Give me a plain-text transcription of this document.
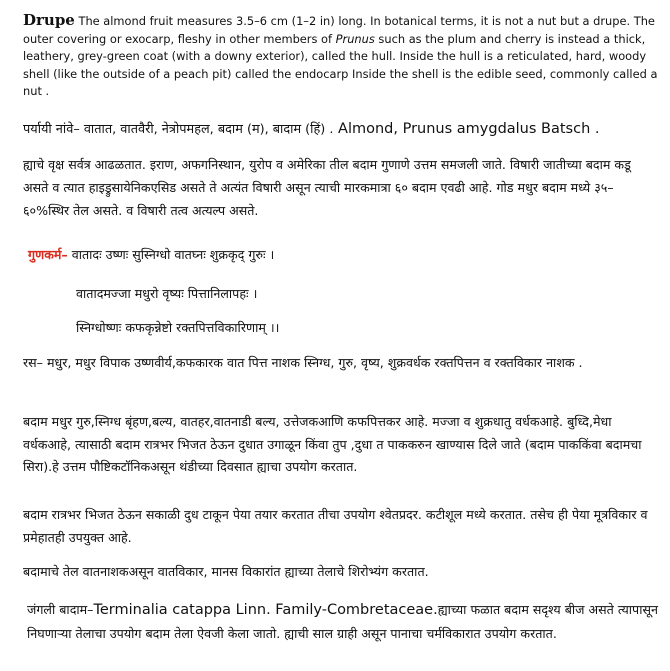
Drupe The almond fruit measures 3.5–6 cm (1–2 in) long. In botanical terms, it is not a nut but a drupe. The outer covering or exocarp, fleshy in other members of Prunus such as the plum and cherry is instead a thick, leathery, grey-green coat (with a downy exterior), called the hull. Inside the hull is a reticulated, hard, woody shell (like the outside of a peach pit) called the endocarp Inside the shell is the edible seed, commonly called a nut .
पर्यायी नांवे– वातात, वातवैरी, नेत्रोपमहल, बदाम (म), बादाम (हिं) . Almond, Prunus amygdalus Batsch .
ह्याचे वृक्ष सर्वत्र आढळतात. इराण, अफगनिस्थान, युरोप व अमेरिका तील बदाम गुणाणे उत्तम समजली जाते. विषारी जातीच्या बदाम कडू असते व त्यात हाइड्रुसायेनिकएसिड असते ते अत्यंत विषारी असून त्याची मारकमात्रा ६० बदाम एवढी आहे. गोड मधुर बदाम मध्ये ३५–६०%स्थिर तेल असते. व विषारी तत्व अत्यल्प असते.
गुणकर्म– वातादः उष्णः सुस्निग्धो वातघ्नः शुक्रकृद् गुरुः ।
वातादमज्जा मधुरो वृष्यः पित्तानिलापहः ।
स्निग्धोष्णः कफकृन्नेष्टो रक्तपित्तविकारिणाम् ।।
रस– मधुर, मधुर विपाक उष्णवीर्य,कफकारक वात पित्त नाशक स्निग्ध, गुरु, वृष्य, शुक्रवर्धक रक्तपित्तन व रक्तविकार नाशक .
बदाम मधुर गुरु,स्निग्ध बृंहण,बल्य, वातहर,वातनाडी बल्य, उत्तेजकआणि कफपित्तकर आहे. मज्जा व शुक्रधातु वर्धकआहे. बुध्दि,मेधा वर्धकआहे, त्यासाठी बदाम रात्रभर भिजत ठेऊन दुधात उगाळून किंवा तुप ,दुधा त पाककरुन खाण्यास दिले जाते (बदाम पाककिंवा बदामचा सिरा).हे उत्तम पौष्टिकटॉनिकअसून थंडीच्या दिवसात ह्याचा उपयोग करतात.
बदाम रात्रभर भिजत ठेऊन सकाळी दुध टाकून पेया तयार करतात तीचा उपयोग श्वेतप्रदर. कटीशूल मध्ये करतात. तसेच ही पेया मूत्रविकार व प्रमेहातही उपयुक्त आहे.
बदामाचे तेल वातनाशकअसून वातविकार, मानस विकारांत ह्याच्या तेलाचे शिरोभ्यंग करतात.
जंगली बादाम–Terminalia catappa Linn. Family-Combretaceae.ह्याच्या फळात बदाम सदृश्य बीज असते त्यापासून निघणाऱ्या तेलाचा उपयोग बदाम तेला ऐवजी केला जातो. ह्याची साल ग्राही असून पानाचा चर्मविकारात उपयोग करतात.
